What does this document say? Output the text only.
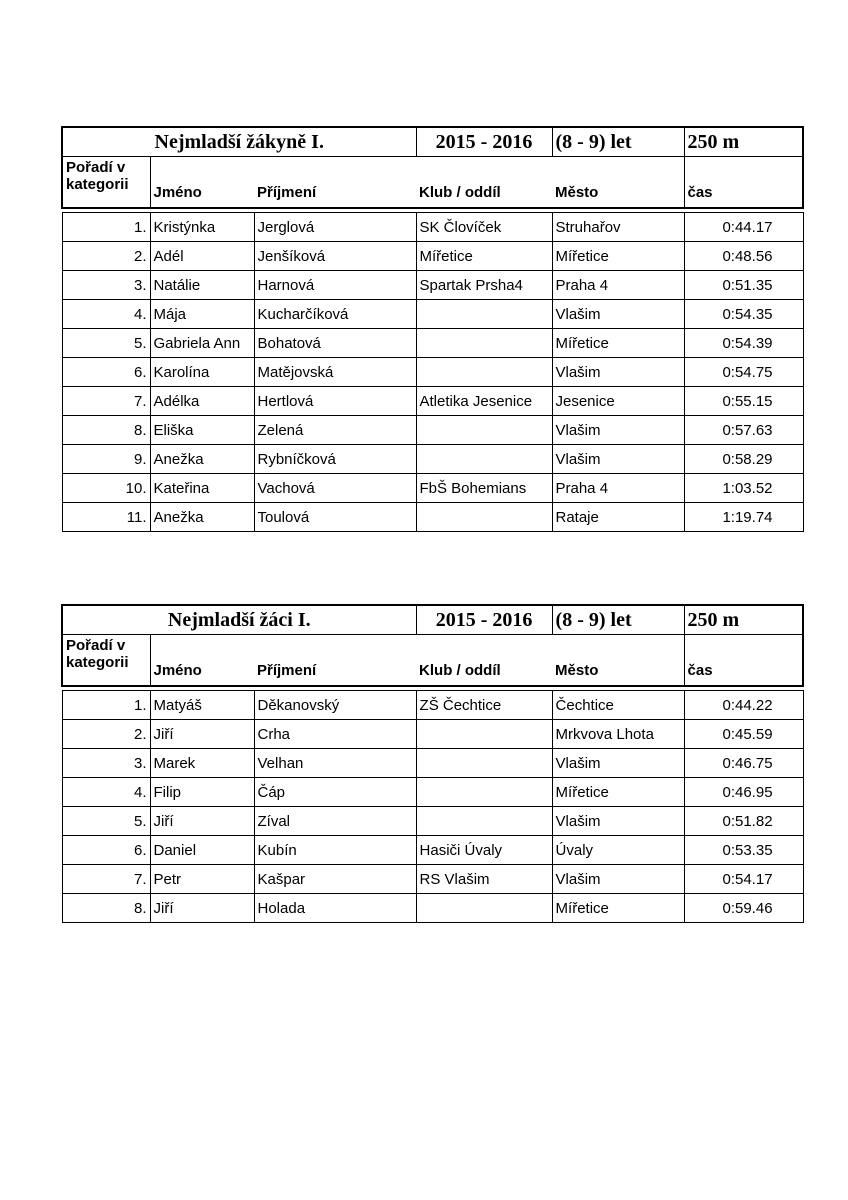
Nejmladší žákyně I.			2015 - 2016	(8 - 9) let	250 m
Pořadí v
kategorii	Jméno	Příjmení	Klub / oddíl	Město	čas

1.	Kristýnka	Jerglová	SK Človíček	Struhařov	0:44.17
2.	Adél	Jenšíková	Mířetice	Mířetice	0:48.56
3.	Natálie	Harnová	Spartak Prsha4	Praha 4	0:51.35
4.	Mája	Kucharčíková		Vlašim	0:54.35
5.	Gabriela Ann	Bohatová		Mířetice	0:54.39
6.	Karolína	Matějovská		Vlašim	0:54.75
7.	Adélka	Hertlová	Atletika Jesenice	Jesenice	0:55.15
8.	Eliška	Zelená		Vlašim	0:57.63
9.	Anežka	Rybníčková		Vlašim	0:58.29
10.	Kateřina	Vachová	FbŠ Bohemians	Praha 4	1:03.52
11.	Anežka	Toulová		Rataje	1:19.74
Nejmladší žáci I.			2015 - 2016	(8 - 9) let	250 m
Pořadí v
kategorii	Jméno	Příjmení	Klub / oddíl	Město	čas

1.	Matyáš	Děkanovský	ZŠ Čechtice	Čechtice	0:44.22
2.	Jiří	Crha		Mrkvova Lhota	0:45.59
3.	Marek	Velhan		Vlašim	0:46.75
4.	Filip	Čáp		Mířetice	0:46.95
5.	Jiří	Zíval		Vlašim	0:51.82
6.	Daniel	Kubín	Hasiči Úvaly	Úvaly	0:53.35
7.	Petr	Kašpar	RS Vlašim	Vlašim	0:54.17
8.	Jiří	Holada		Mířetice	0:59.46
